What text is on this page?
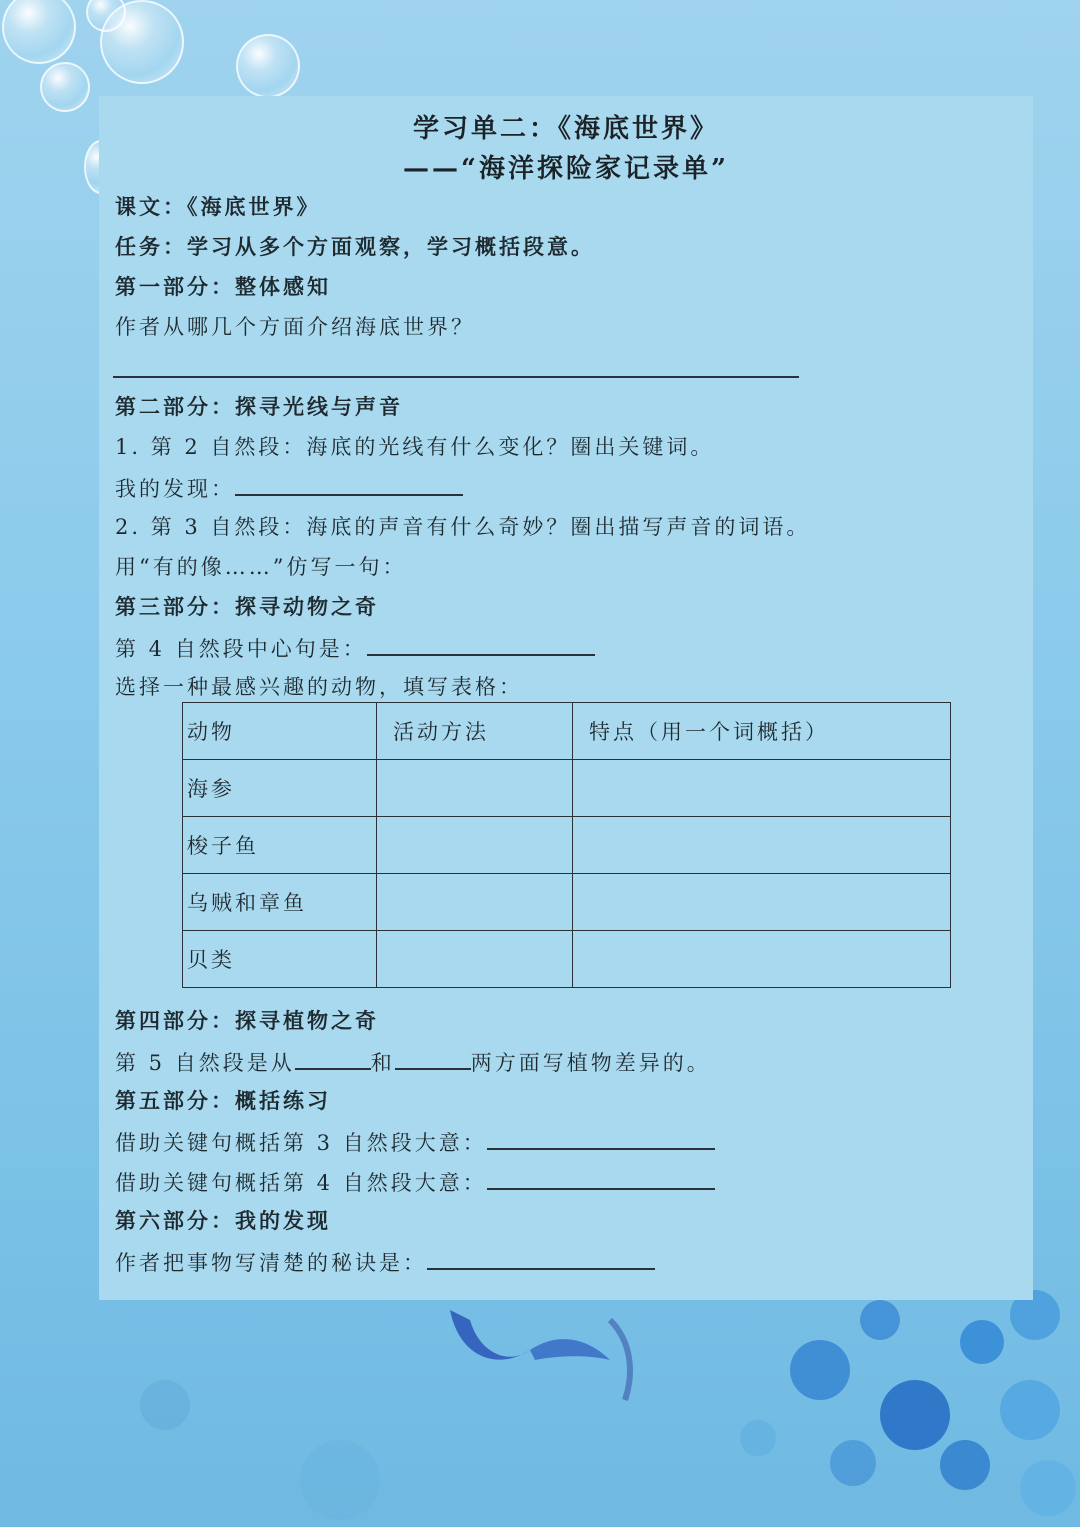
学习单二：《海底世界》
——“海洋探险家记录单”
课文：《海底世界》
任务：学习从多个方面观察，学习概括段意。
第一部分：整体感知
作者从哪几个方面介绍海底世界？
第二部分：探寻光线与声音
1. 第 2 自然段：海底的光线有什么变化？圈出关键词。
我的发现：
2. 第 3 自然段：海底的声音有什么奇妙？圈出描写声音的词语。
用“有的像……”仿写一句：
第三部分：探寻动物之奇
第 4 自然段中心句是：
选择一种最感兴趣的动物，填写表格：
动物	活动方法	特点（用一个词概括）
海参		
梭子鱼		
乌贼和章鱼		
贝类		
第四部分：探寻植物之奇
第 5 自然段是从	和	两方面写植物差异的。
第五部分：概括练习
借助关键句概括第 3 自然段大意：
借助关键句概括第 4 自然段大意：
第六部分：我的发现
作者把事物写清楚的秘诀是：
